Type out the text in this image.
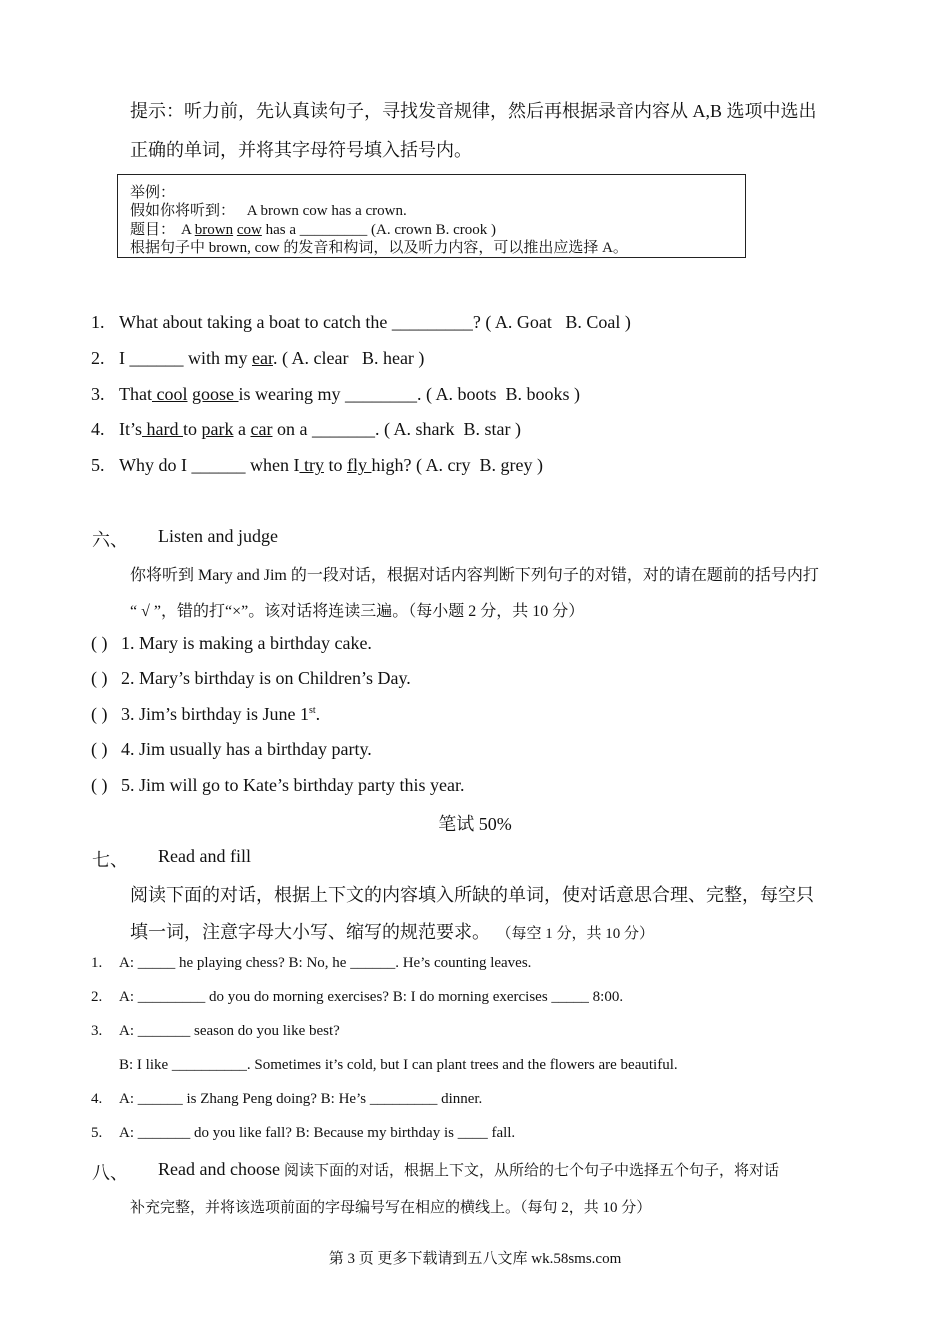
提示：听力前，先认真读句子，寻找发音规律，然后再根据录音内容从 A,B 选项中选出
正确的单词，并将其字母符号填入括号内。
举例：
假如你将听到： A brown cow has a crown.
题目： A brown cow has a _________ (A. crown B. crook )
根据句子中 brown, cow 的发音和构词，以及听力内容，可以推出应选择 A。
1. What about taking a boat to catch the _________? ( A. Goat   B. Coal )
2. I ______ with my ear. ( A. clear   B. hear )
3. That cool goose is wearing my ________. ( A. boots  B. books )
4. It’s hard to park a car on a _______. ( A. shark  B. star )
5. Why do I ______ when I try to fly high? ( A. cry  B. grey )
六、 Listen and judge
你将听到 Mary and Jim 的一段对话，根据对话内容判断下列句子的对错，对的请在题前的括号内打
“ √ ”，错的打“×”。该对话将连读三遍。（每小题 2 分，共 10 分）
( ) 1. Mary is making a birthday cake.
( ) 2. Mary’s birthday is on Children’s Day.
( ) 3. Jim’s birthday is June 1st.
( ) 4. Jim usually has a birthday party.
( ) 5. Jim will go to Kate’s birthday party this year.
笔试 50%
七、 Read and fill
阅读下面的对话，根据上下文的内容填入所缺的单词，使对话意思合理、完整，每空只
填一词，注意字母大小写、缩写的规范要求。 （每空 1 分，共 10 分）
1. A: _____ he playing chess? B: No, he ______. He’s counting leaves.
2. A: _________ do you do morning exercises? B: I do morning exercises _____ 8:00.
3. A: _______ season do you like best?
B: I like __________. Sometimes it’s cold, but I can plant trees and the flowers are beautiful.
4. A: ______ is Zhang Peng doing? B: He’s _________ dinner.
5. A: _______ do you like fall? B: Because my birthday is ____ fall.
八、 Read and choose 阅读下面的对话，根据上下文，从所给的七个句子中选择五个句子，将对话
补充完整，并将该选项前面的字母编号写在相应的横线上。（每句 2，共 10 分）
第 3 页 更多下载请到五八文库 wk.58sms.com
